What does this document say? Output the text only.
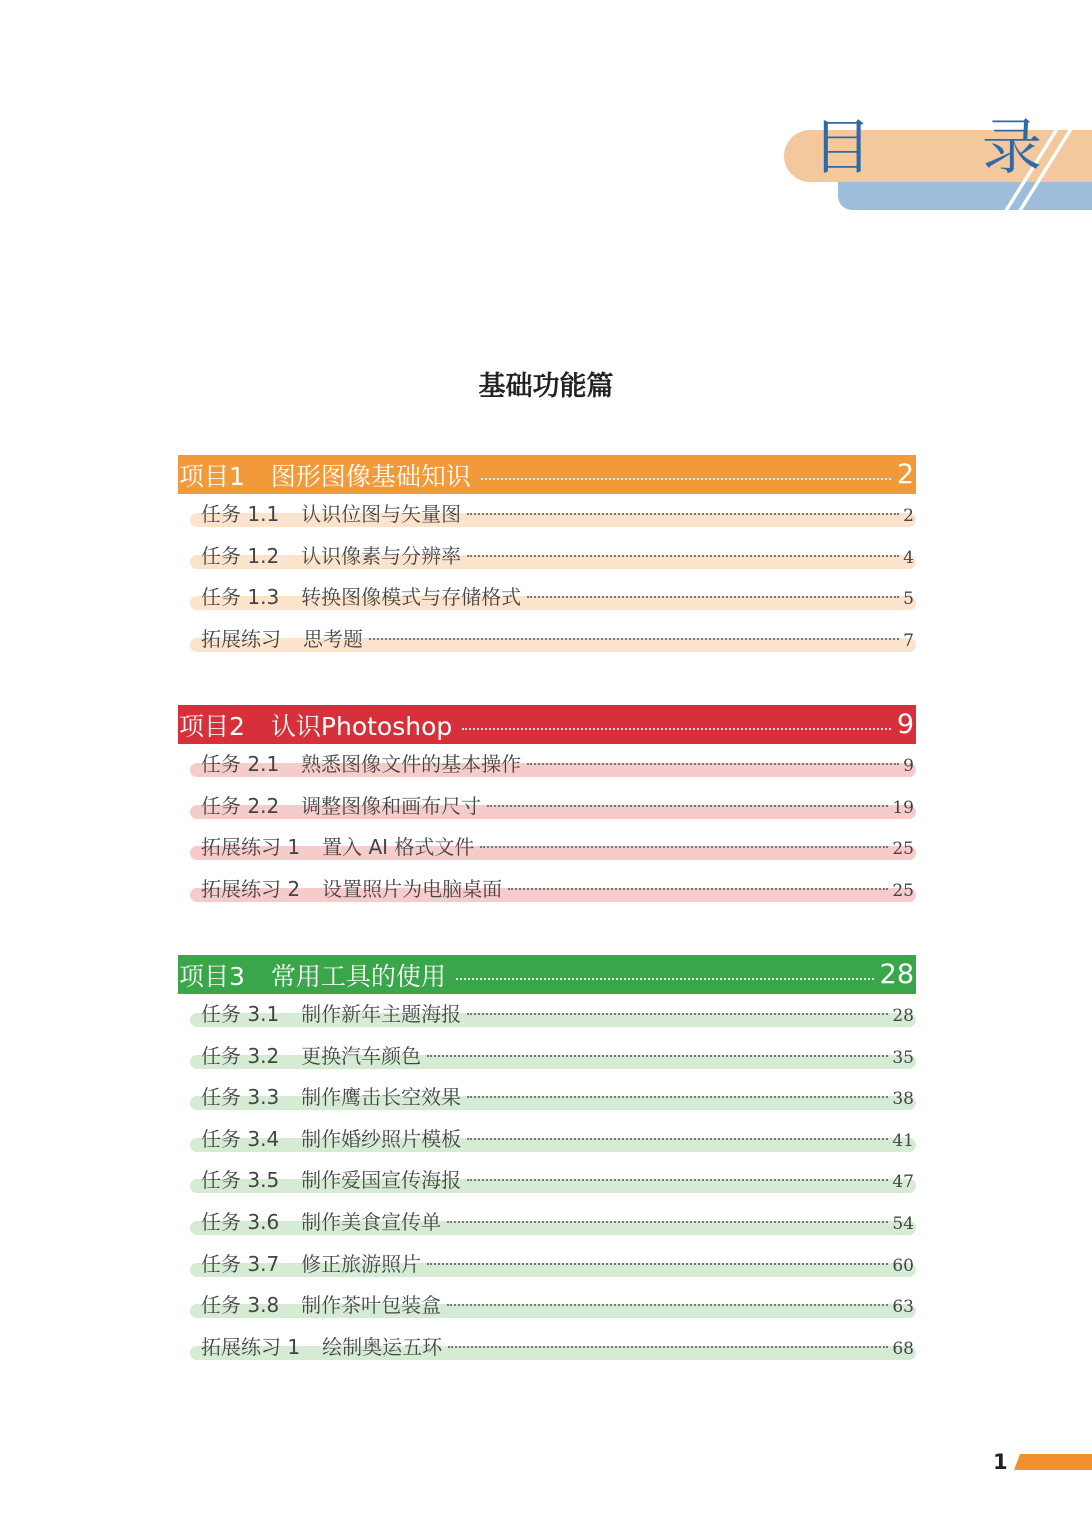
目 录
基础功能篇
项目1 图形图像基础知识	2
任务 1.1 认识位图与矢量图	2
任务 1.2 认识像素与分辨率	4
任务 1.3 转换图像模式与存储格式	5
拓展练习 思考题	7
项目2 认识Photoshop	9
任务 2.1 熟悉图像文件的基本操作	9
任务 2.2 调整图像和画布尺寸	19
拓展练习 1 置入 AI 格式文件	25
拓展练习 2 设置照片为电脑桌面	25
项目3 常用工具的使用	28
任务 3.1 制作新年主题海报	28
任务 3.2 更换汽车颜色	35
任务 3.3 制作鹰击长空效果	38
任务 3.4 制作婚纱照片模板	41
任务 3.5 制作爱国宣传海报	47
任务 3.6 制作美食宣传单	54
任务 3.7 修正旅游照片	60
任务 3.8 制作茶叶包装盒	63
拓展练习 1 绘制奥运五环	68
1
